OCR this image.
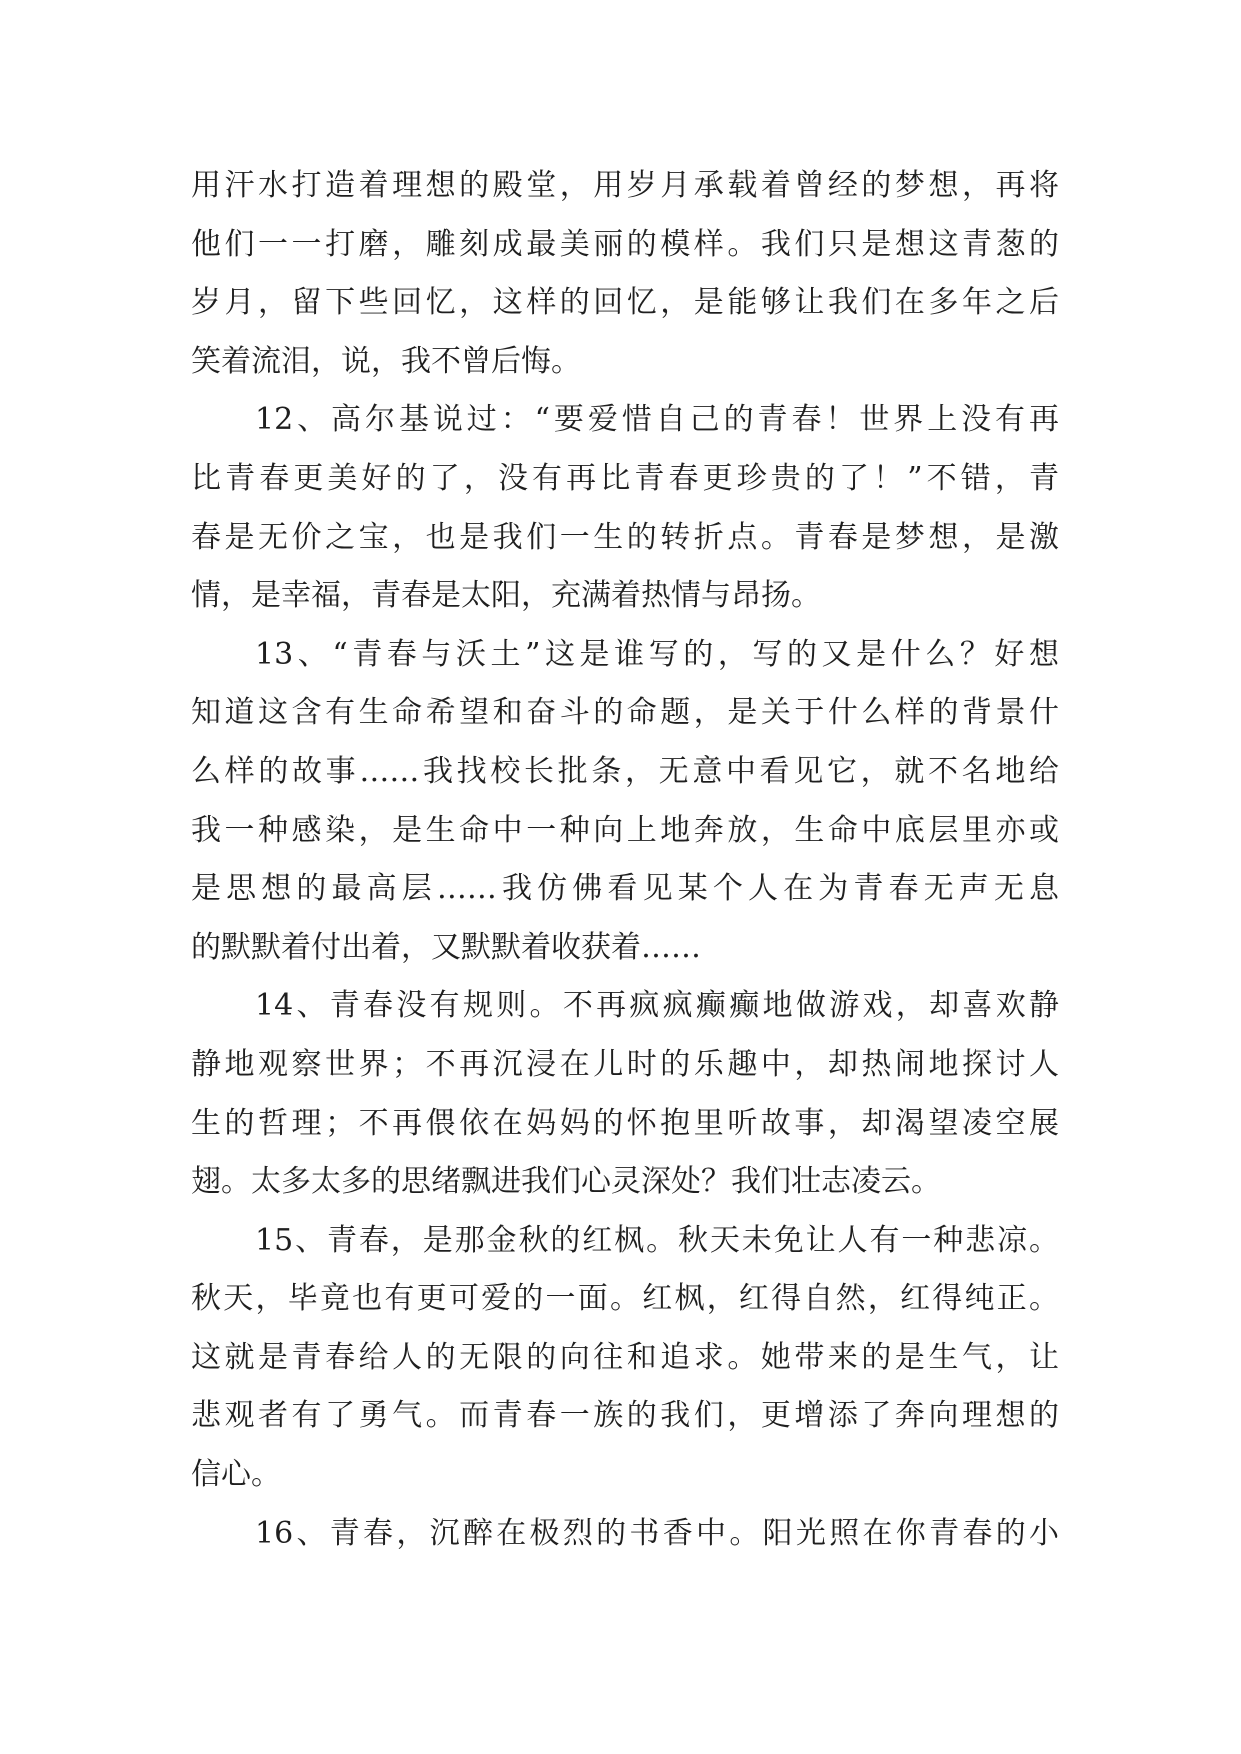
用汗水打造着理想的殿堂，用岁月承载着曾经的梦想，再将
他们一一打磨，雕刻成最美丽的模样。我们只是想这青葱的
岁月，留下些回忆，这样的回忆，是能够让我们在多年之后
笑着流泪，说，我不曾后悔。
12、高尔基说过：“要爱惜自己的青春！世界上没有再
比青春更美好的了，没有再比青春更珍贵的了！”不错，青
春是无价之宝，也是我们一生的转折点。青春是梦想，是激
情，是幸福，青春是太阳，充满着热情与昂扬。
13、“青春与沃土”这是谁写的，写的又是什么？好想
知道这含有生命希望和奋斗的命题，是关于什么样的背景什
么样的故事……我找校长批条，无意中看见它，就不名地给
我一种感染，是生命中一种向上地奔放，生命中底层里亦或
是思想的最高层……我仿佛看见某个人在为青春无声无息
的默默着付出着，又默默着收获着……
14、青春没有规则。不再疯疯癫癫地做游戏，却喜欢静
静地观察世界；不再沉浸在儿时的乐趣中，却热闹地探讨人
生的哲理；不再偎依在妈妈的怀抱里听故事，却渴望凌空展
翅。太多太多的思绪飘进我们心灵深处？我们壮志凌云。
15、青春，是那金秋的红枫。秋天未免让人有一种悲凉。
秋天，毕竟也有更可爱的一面。红枫，红得自然，红得纯正。
这就是青春给人的无限的向往和追求。她带来的是生气，让
悲观者有了勇气。而青春一族的我们，更增添了奔向理想的
信心。
16、青春，沉醉在极烈的书香中。阳光照在你青春的小
